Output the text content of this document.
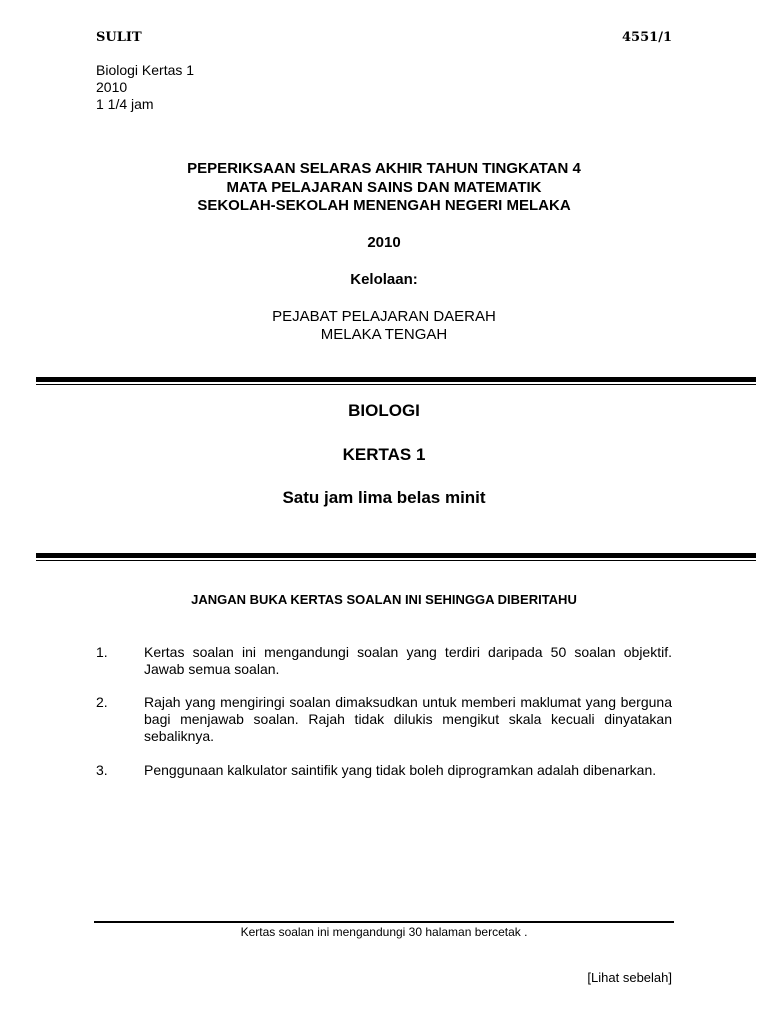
SULIT	4551/1
Biologi Kertas 1
2010
1 1/4 jam
PEPERIKSAAN SELARAS AKHIR TAHUN TINGKATAN 4
MATA PELAJARAN SAINS DAN MATEMATIK
SEKOLAH-SEKOLAH MENENGAH NEGERI MELAKA
2010
Kelolaan:
PEJABAT PELAJARAN DAERAH
MELAKA TENGAH
BIOLOGI
KERTAS 1
Satu jam lima belas minit
JANGAN BUKA KERTAS SOALAN INI SEHINGGA DIBERITAHU
1.	Kertas soalan ini mengandungi soalan yang terdiri daripada 50 soalan objektif. Jawab semua soalan.
2.	Rajah yang mengiringi soalan dimaksudkan untuk memberi maklumat yang berguna bagi menjawab soalan. Rajah tidak dilukis mengikut skala kecuali dinyatakan sebaliknya.
3.	Penggunaan kalkulator saintifik yang tidak boleh diprogramkan adalah dibenarkan.
Kertas soalan ini mengandungi 30 halaman bercetak .
[Lihat sebelah]
